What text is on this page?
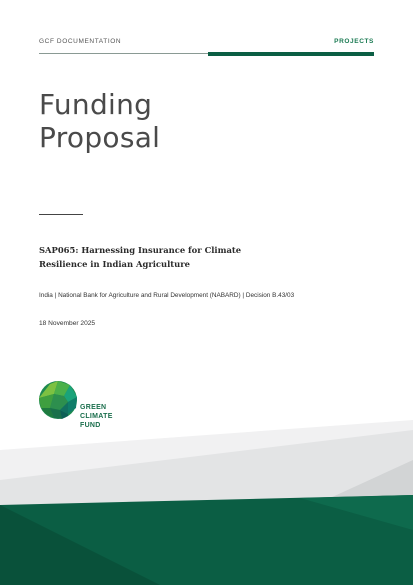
GCF DOCUMENTATION	PROJECTS
Funding
Proposal
SAP065: Harnessing Insurance for Climate
Resilience in Indian Agriculture
India | National Bank for Agriculture and Rural Development (NABARD) | Decision B.43/03
18 November 2025
GREEN
CLIMATE
FUND
